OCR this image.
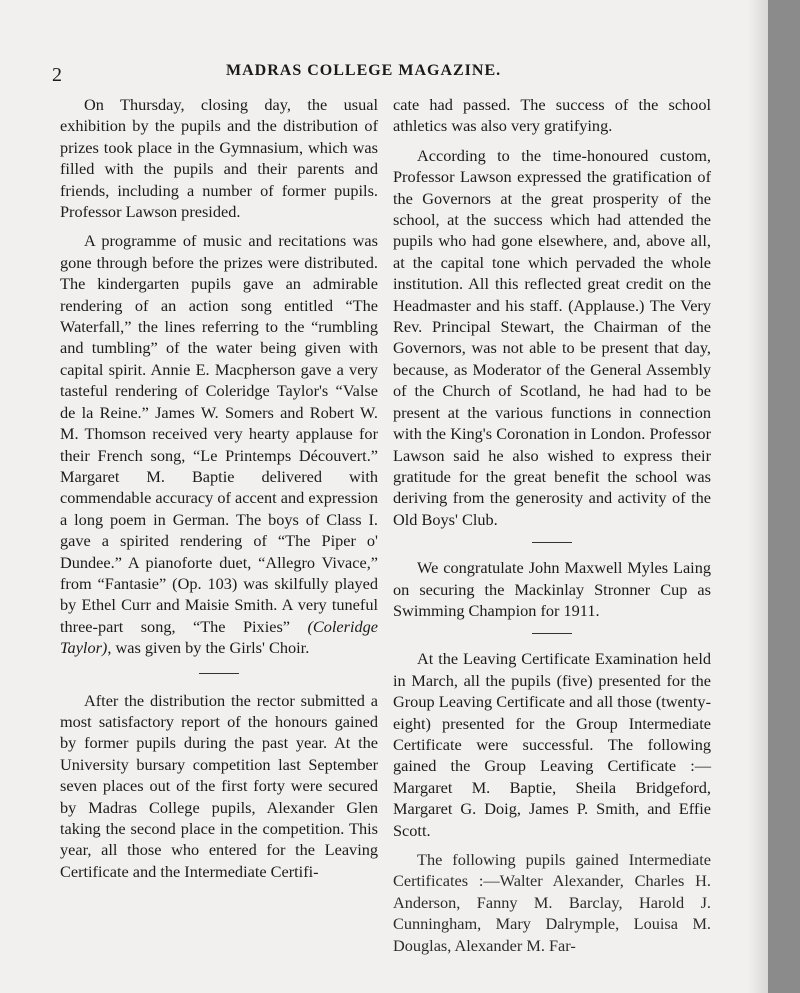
2	MADRAS COLLEGE MAGAZINE.

On Thursday, closing day, the usual exhibition by the pupils and the distribution of prizes took place in the Gymnasium, which was filled with the pupils and their parents and friends, including a number of former pupils. Professor Lawson presided.

A programme of music and recitations was gone through before the prizes were distributed. The kindergarten pupils gave an admirable rendering of an action song entitled “The Waterfall,” the lines referring to the “rumbling and tumbling” of the water being given with capital spirit. Annie E. Macpherson gave a very tasteful rendering of Coleridge Taylor's “Valse de la Reine.” James W. Somers and Robert W. M. Thomson received very hearty applause for their French song, “Le Printemps Découvert.” Margaret M. Baptie delivered with commendable accuracy of accent and expression a long poem in German. The boys of Class I. gave a spirited rendering of “The Piper o' Dundee.” A pianoforte duet, “Allegro Vivace,” from “Fantasie” (Op. 103) was skilfully played by Ethel Curr and Maisie Smith. A very tuneful three-part song, “The Pixies” (Coleridge Taylor), was given by the Girls' Choir.

After the distribution the rector submitted a most satisfactory report of the honours gained by former pupils during the past year. At the University bursary competition last September seven places out of the first forty were secured by Madras College pupils, Alexander Glen taking the second place in the competition. This year, all those who entered for the Leaving Certificate and the Intermediate Certifi-

cate had passed. The success of the school athletics was also very gratifying.

According to the time-honoured custom, Professor Lawson expressed the gratification of the Governors at the great prosperity of the school, at the success which had attended the pupils who had gone elsewhere, and, above all, at the capital tone which pervaded the whole institution. All this reflected great credit on the Headmaster and his staff. (Applause.) The Very Rev. Principal Stewart, the Chairman of the Governors, was not able to be present that day, because, as Moderator of the General Assembly of the Church of Scotland, he had had to be present at the various functions in connection with the King's Coronation in London. Professor Lawson said he also wished to express their gratitude for the great benefit the school was deriving from the generosity and activity of the Old Boys' Club.

We congratulate John Maxwell Myles Laing on securing the Mackinlay Stronner Cup as Swimming Champion for 1911.

At the Leaving Certificate Examination held in March, all the pupils (five) presented for the Group Leaving Certificate and all those (twenty-eight) presented for the Group Intermediate Certificate were successful. The following gained the Group Leaving Certificate :—Margaret M. Baptie, Sheila Bridgeford, Margaret G. Doig, James P. Smith, and Effie Scott.

The following pupils gained Intermediate Certificates :—Walter Alexander, Charles H. Anderson, Fanny M. Barclay, Harold J. Cunningham, Mary Dalrymple, Louisa M. Douglas, Alexander M. Far-
